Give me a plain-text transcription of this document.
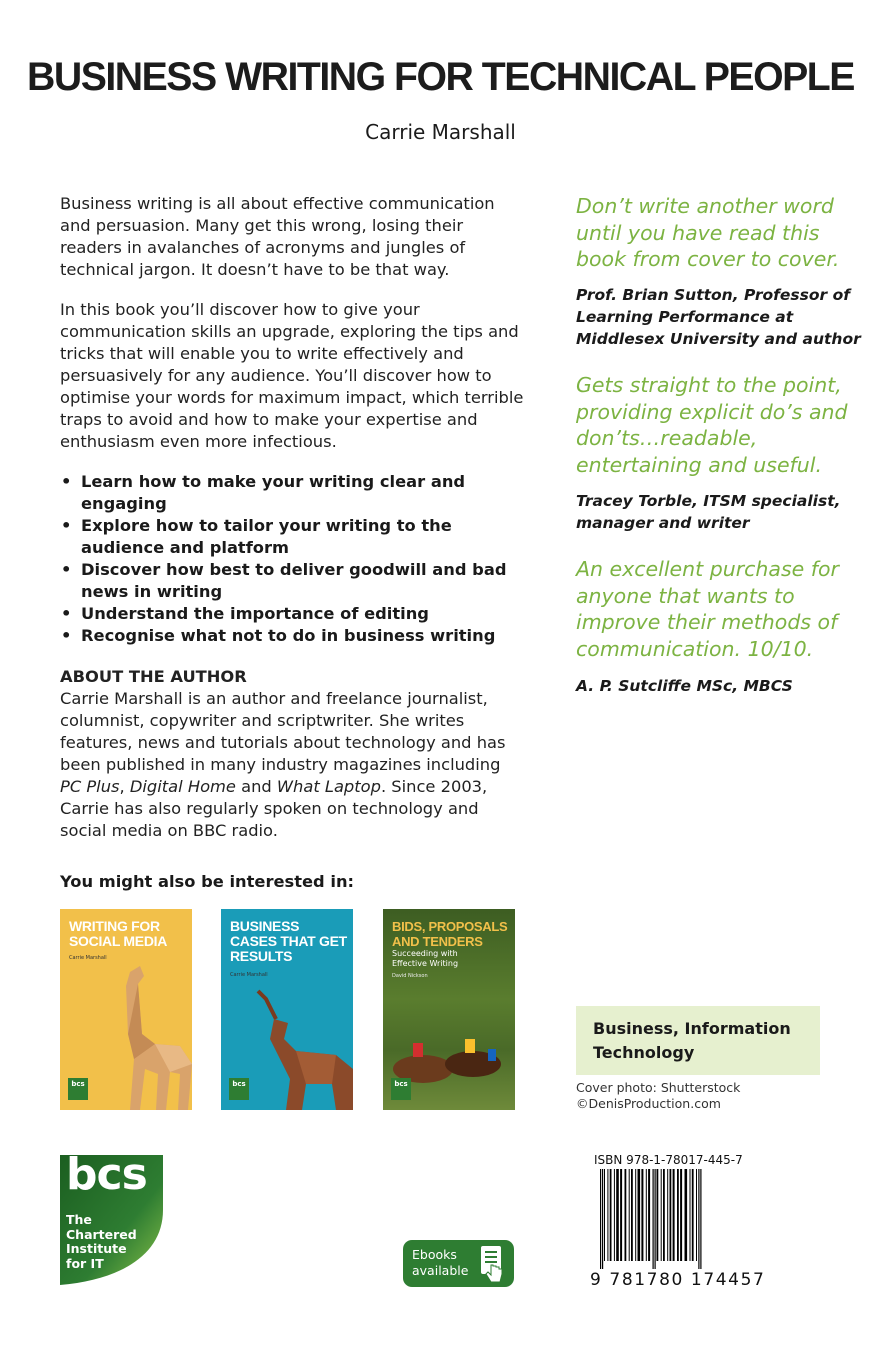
BUSINESS WRITING FOR TECHNICAL PEOPLE
Carrie Marshall

Business writing is all about effective communication and persuasion. Many get this wrong, losing their readers in avalanches of acronyms and jungles of technical jargon. It doesn’t have to be that way.

In this book you’ll discover how to give your communication skills an upgrade, exploring the tips and tricks that will enable you to write effectively and persuasively for any audience. You’ll discover how to optimise your words for maximum impact, which terrible traps to avoid and how to make your expertise and enthusiasm even more infectious.

• Learn how to make your writing clear and engaging
• Explore how to tailor your writing to the audience and platform
• Discover how best to deliver goodwill and bad news in writing
• Understand the importance of editing
• Recognise what not to do in business writing
ABOUT THE AUTHOR
Carrie Marshall is an author and freelance journalist, columnist, copywriter and scriptwriter. She writes features, news and tutorials about technology and has been published in many industry magazines including PC Plus, Digital Home and What Laptop. Since 2003, Carrie has also regularly spoken on technology and social media on BBC radio.
Don’t write another word until you have read this book from cover to cover.
Prof. Brian Sutton, Professor of Learning Performance at Middlesex University and author
Gets straight to the point, providing explicit do’s and don’ts…readable, entertaining and useful.
Tracey Torble, ITSM specialist, manager and writer
An excellent purchase for anyone that wants to improve their methods of communication. 10/10.
A. P. Sutcliffe MSc, MBCS
You might also be interested in:
WRITING FOR SOCIAL MEDIA
Carrie Marshall
bcs
BUSINESS CASES THAT GET RESULTS
Carrie Marshall
bcs
BIDS, PROPOSALS AND TENDERS
Succeeding with Effective Writing
David Nickson
bcs
Business, Information Technology
Cover photo: Shutterstock
©DenisProduction.com
ISBN 978-1-78017-445-7
9 781780 174457
bcs
The Chartered Institute for IT
Ebooks
available
